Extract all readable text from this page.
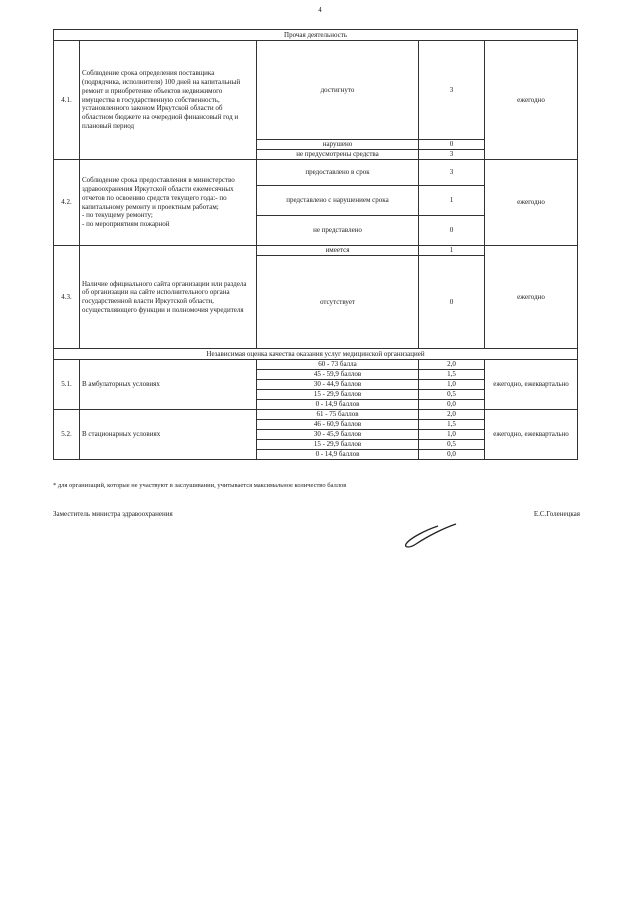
4
Прочая деятельность				
4.1.	Соблюдение срока определения поставщика (подрядчика, исполнителя) 100 дней на капитальный ремонт и приобретение объектов недвижимого имущества в государственную собственность, установленного законом Иркутской области об областном бюджете на очередной финансовый год и плановый период	достигнуто	3	ежегодно
		нарушено	0	
		не предусмотрены средства	3	
4.2.	Соблюдение срока предоставления в министерство здравоохранения Иркутской области ежемесячных отчетов по освоению средств текущего года:- по капитальному ремонту и проектным работам;
- по текущему ремонту;
- по мероприятиям пожарной	предоставлено в срок	3	ежегодно
		представлено с нарушением срока	1	
		не представлено	0	
4.3.	Наличие официального сайта организации или раздела об организации на сайте исполнительного органа государственной власти Иркутской области, осуществляющего функции и полномочия учредителя	имеется	1	ежегодно
		отсутствует	0	
Независимая оценка качества оказания услуг медицинской организацией				
5.1.	В амбулаторных условиях	60 - 73 балла	2,0	ежегодно, ежеквартально
		45 - 59,9 баллов	1,5	
		30 - 44,9 баллов	1,0	
		15 - 29,9 баллов	0,5	
		0 - 14,9 баллов	0,0	
5.2.	В стационарных условиях	61 - 75 баллов	2,0	ежегодно, ежеквартально
		46 - 60,9 баллов	1,5	
		30 - 45,9 баллов	1,0	
		15 - 29,9 баллов	0,5	
		0 - 14,9 баллов	0,0	
* для организаций, которые не участвуют в заслушивании, учитывается максимальное количество баллов
Заместитель министра здравоохранения	Е.С.Голенецкая
